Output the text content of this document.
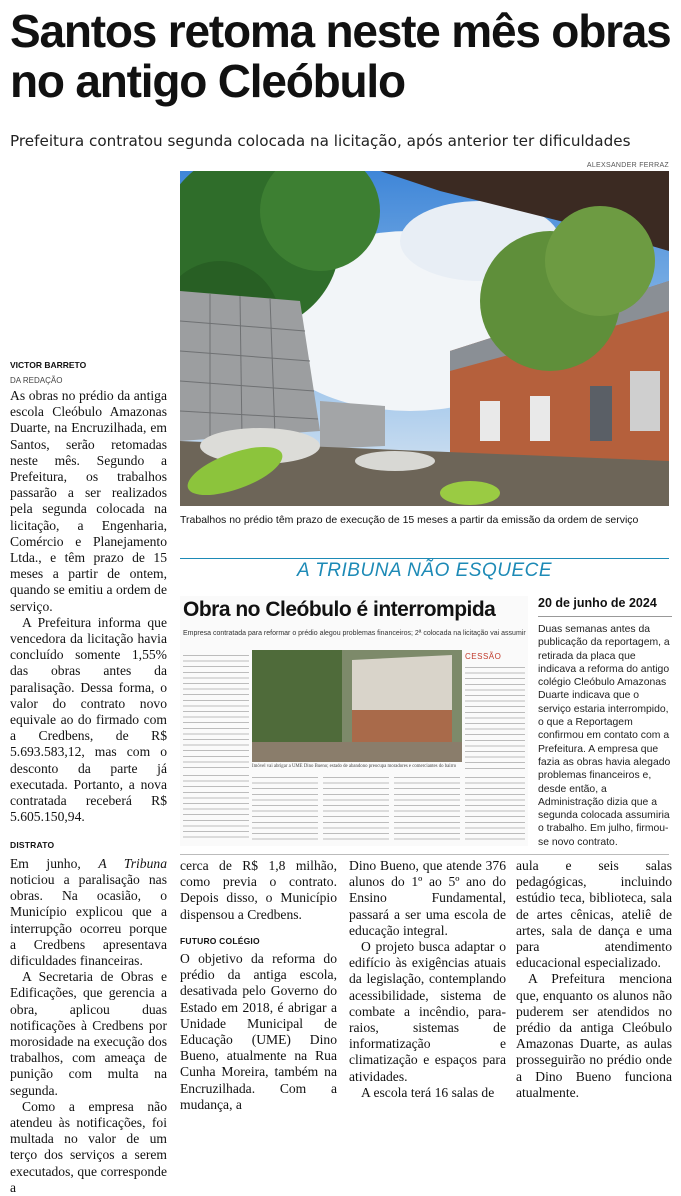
Santos retoma neste mês obras no antigo Cleóbulo
Prefeitura contratou segunda colocada na licitação, após anterior ter dificuldades
ALEXSANDER FERRAZ
Trabalhos no prédio têm prazo de execução de 15 meses a partir da emissão da ordem de serviço
VICTOR BARRETO
DA REDAÇÃO

As obras no prédio da antiga escola Cleóbulo Amazonas Duarte, na Encruzilhada, em Santos, serão retomadas neste mês. Segundo a Prefeitura, os trabalhos passarão a ser realizados pela segunda colocada na licitação, a Engenharia, Comércio e Planejamento Ltda., e têm prazo de 15 meses a partir de ontem, quando se emitiu a ordem de serviço.

A Prefeitura informa que vencedora da licitação havia concluído somente 1,55% das obras antes da paralisação. Dessa forma, o valor do contrato novo equivale ao do firmado com a Credbens, de R$ 5.693.583,12, mas com o desconto da parte já executada. Portanto, a nova contratada receberá R$ 5.605.150,94.

DISTRATO

Em junho, A Tribuna noticiou a paralisação nas obras. Na ocasião, o Município explicou que a interrupção ocorreu porque a Credbens apresentava dificuldades financeiras.

A Secretaria de Obras e Edificações, que gerencia a obra, aplicou duas notificações à Credbens por morosidade na execução dos trabalhos, com ameaça de punição com multa na segunda.

Como a empresa não atendeu às notificações, foi multada no valor de um terço dos serviços a serem executados, que corresponde a

A TRIBUNA NÃO ESQUECE
Obra no Cleóbulo é interrompida
Empresa contratada para reformar o prédio alegou problemas financeiros; 2ª colocada na licitação vai assumir
CESSÃO
Imóvel vai abrigar a UME Dino Bueno; estado de abandono preocupa moradores e comerciantes do bairro
20 de junho de 2024
Duas semanas antes da publicação da reportagem, a retirada da placa que indicava a reforma do antigo colégio Cleóbulo Amazonas Duarte indicava que o serviço estaria interrompido, o que a Reportagem confirmou em contato com a Prefeitura. A empresa que fazia as obras havia alegado problemas financeiros e, desde então, a Administração dizia que a segunda colocada assumiria o trabalho. Em julho, firmou-se novo contrato.

cerca de R$ 1,8 milhão, como previa o contrato. Depois disso, o Município dispensou a Credbens.

FUTURO COLÉGIO

O objetivo da reforma do prédio da antiga escola, desativada pelo Governo do Estado em 2018, é abrigar a Unidade Municipal de Educação (UME) Dino Bueno, atualmente na Rua Cunha Moreira, também na Encruzilhada. Com a mudança, a

Dino Bueno, que atende 376 alunos do 1º ao 5º ano do Ensino Fundamental, passará a ser uma escola de educação integral.

O projeto busca adaptar o edifício às exigências atuais da legislação, contemplando acessibilidade, sistema de combate a incêndio, para-raios, sistemas de informatização e climatização e espaços para atividades.

A escola terá 16 salas de

aula e seis salas pedagógicas, incluindo estúdio teca, biblioteca, sala de artes cênicas, ateliê de artes, sala de dança e uma para atendimento educacional especializado.

A Prefeitura menciona que, enquanto os alunos não puderem ser atendidos no prédio da antiga Cleóbulo Amazonas Duarte, as aulas prosseguirão no prédio onde a Dino Bueno funciona atualmente.
